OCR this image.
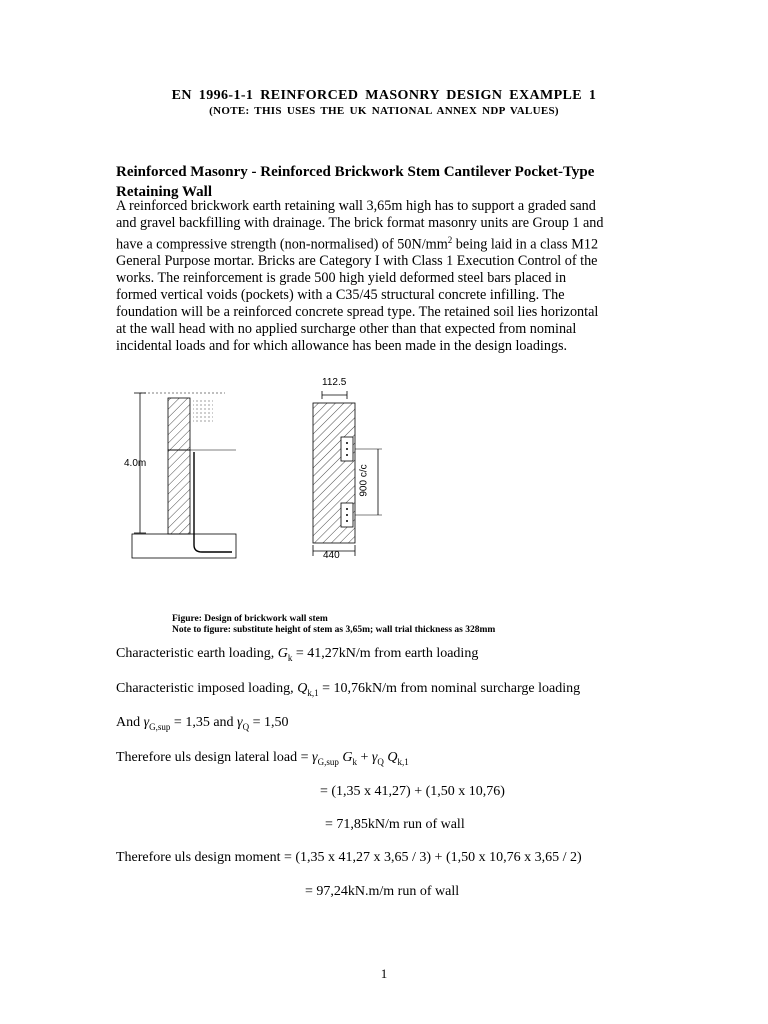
EN 1996-1-1 REINFORCED MASONRY DESIGN EXAMPLE 1
(NOTE: THIS USES THE UK NATIONAL ANNEX NDP VALUES)
Reinforced Masonry - Reinforced Brickwork Stem Cantilever Pocket-Type
Retaining Wall
A reinforced brickwork earth retaining wall 3,65m high has to support a graded sand
and gravel backfilling with drainage. The brick format masonry units are Group 1 and
have a compressive strength (non-normalised) of $50N/mm^2$ being laid in a class M12
General Purpose mortar. Bricks are Category I with Class 1 Execution Control of the
works. The reinforcement is grade 500 high yield deformed steel bars placed in
formed vertical voids (pockets) with a C35/45 structural concrete infilling. The
foundation will be a reinforced concrete spread type. The retained soil lies horizontal
at the wall head with no applied surcharge other than that expected from nominal
incidental loads and for which allowance has been made in the design loadings.
4.0m
112.5
900 c/c
440
Figure: Design of brickwork wall stem
Note to figure: substitute height of stem as 3,65m; wall trial thickness as 328mm
Characteristic earth loading, $G_k = 41,27kN/m$ from earth loading
Characteristic imposed loading, $Q_{k,1} = 10,76kN/m$ from nominal surcharge loading
And $\gamma_{G,sup} = 1,35$ and $\gamma_Q = 1,50$
Therefore uls design lateral load = $\gamma_{G,sup}$ $G_k + \gamma_Q$ $Q_{k,1}$
= (1,35 x 41,27) + (1,50 x 10,76)
= 71,85kN/m run of wall
Therefore uls design moment = (1,35 x 41,27 x 3,65 / 3) + (1,50 x 10,76 x 3,65 / 2)
= 97,24kN.m/m run of wall
1
